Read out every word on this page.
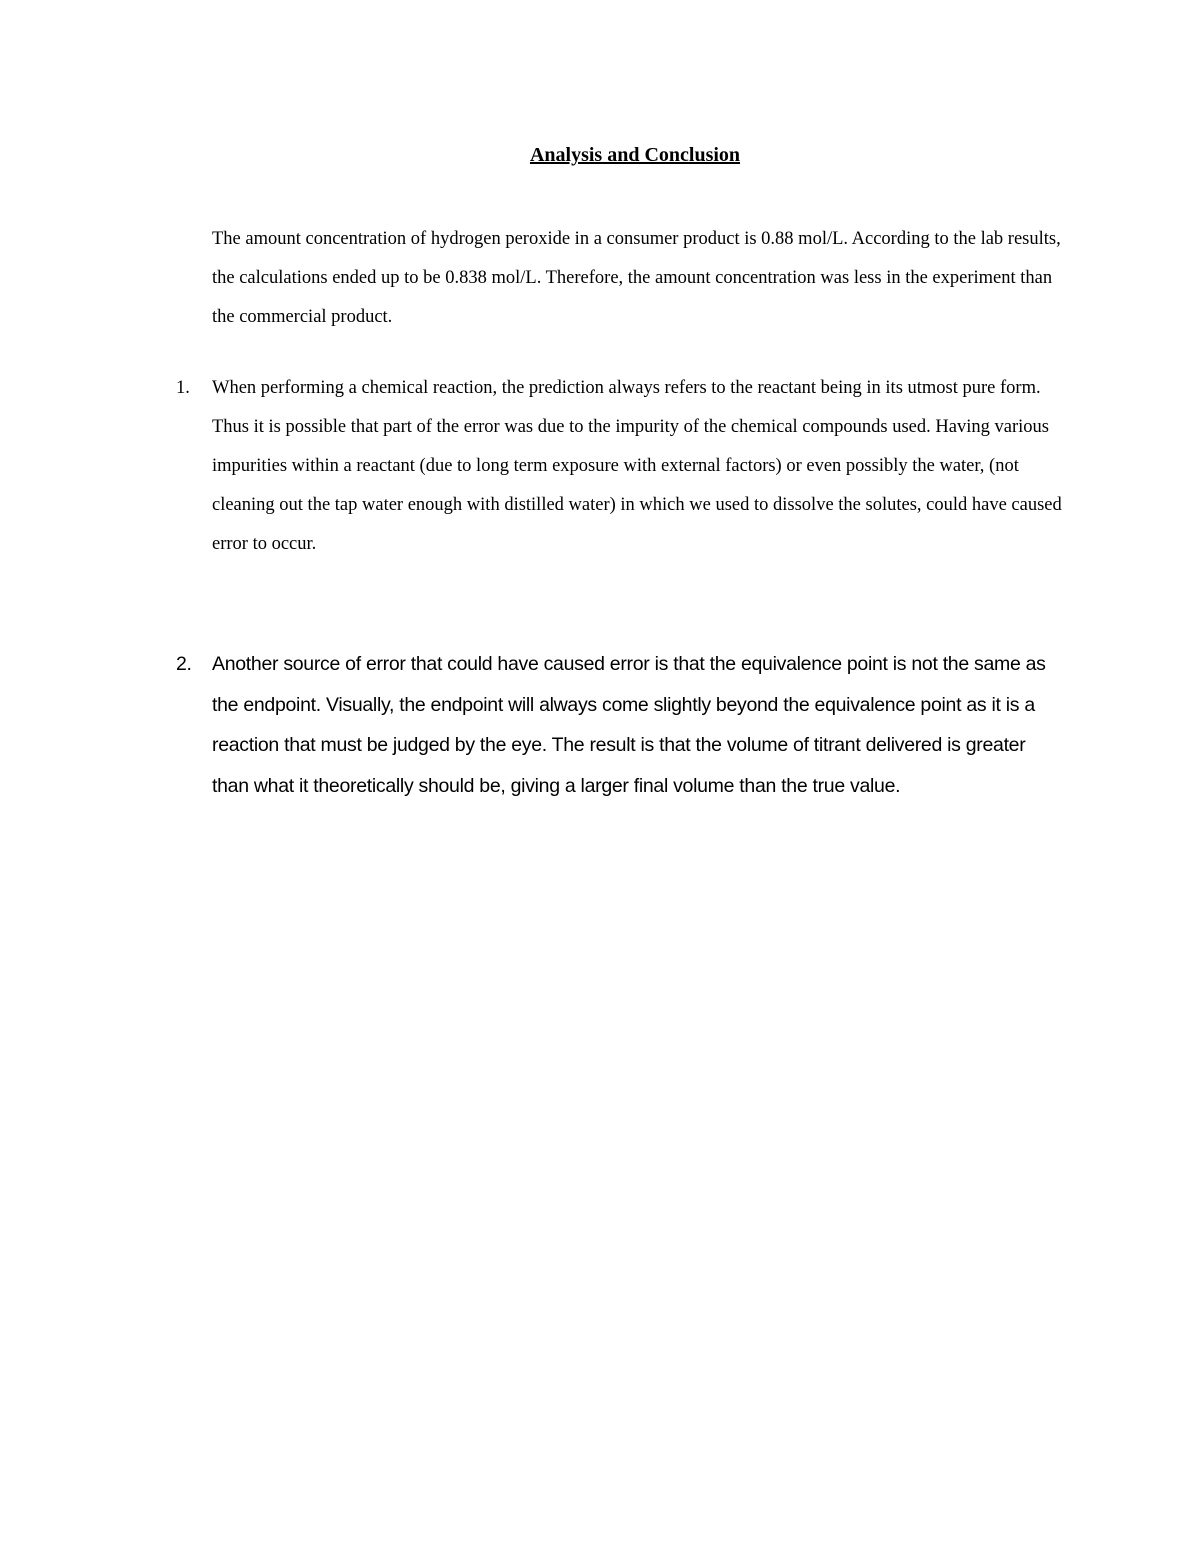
Analysis and Conclusion

The amount concentration of hydrogen peroxide in a consumer product is 0.88 mol/L. According to the lab results, the calculations ended up to be 0.838 mol/L. Therefore, the amount concentration was less in the experiment than the commercial product.

1.	When performing a chemical reaction, the prediction always refers to the reactant being in its utmost pure form. Thus it is possible that part of the error was due to the impurity of the chemical compounds used. Having various impurities within a reactant (due to long term exposure with external factors) or even possibly the water, (not cleaning out the tap water enough with distilled water) in which we used to dissolve the solutes, could have caused error to occur.
2.	Another source of error that could have caused error is that the equivalence point is not the same as the endpoint. Visually, the endpoint will always come slightly beyond the equivalence point as it is a reaction that must be judged by the eye. The result is that the volume of titrant delivered is greater than what it theoretically should be, giving a larger final volume than the true value.
